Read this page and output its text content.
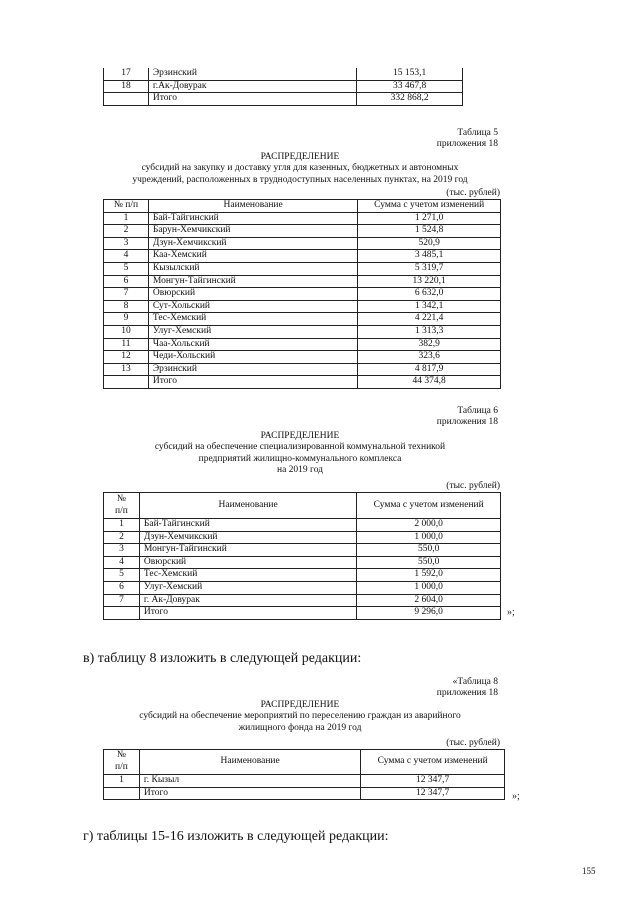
17	Эрзинский	15 153,1
18	г.Ак-Довурак	33 467,8
	Итого	332 868,2
Таблица 5
приложения 18
РАСПРЕДЕЛЕНИЕ
субсидий на закупку и доставку угля для казенных, бюджетных и автономных
учреждений, расположенных в труднодоступных населенных пунктах, на 2019 год
(тыс. рублей)
№ п/п	Наименование	Сумма с учетом изменений
1	Бай-Тайгинский	1 271,0
2	Барун-Хемчикский	1 524,8
3	Дзун-Хемчикский	520,9
4	Каа-Хемский	3 485,1
5	Кызылский	5 319,7
6	Монгун-Тайгинский	13 220,1
7	Овюрский	6 632,0
8	Сут-Хольский	1 342,1
9	Тес-Хемский	4 221,4
10	Улуг-Хемский	1 313,3
11	Чаа-Хольский	382,9
12	Чеди-Хольский	323,6
13	Эрзинский	4 817,9
	Итого	44 374,8
Таблица 6
приложения 18
РАСПРЕДЕЛЕНИЕ
субсидий на обеспечение специализированной коммунальной техникой
предприятий жилищно-коммунального комплекса
на 2019 год
(тыс. рублей)
№
п/п	Наименование	Сумма с учетом изменений
1	Бай-Тайгинский	2 000,0
2	Дзун-Хемчикский	1 000,0
3	Монгун-Тайгинский	550,0
4	Овюрский	550,0
5	Тес-Хемский	1 592,0
6	Улуг-Хемский	1 000,0
7	г. Ак-Довурак	2 604,0
	Итого	9 296,0	»;
в) таблицу 8 изложить в следующей редакции:
«Таблица 8
приложения 18
РАСПРЕДЕЛЕНИЕ
субсидий на обеспечение мероприятий по переселению граждан из аварийного
жилищного фонда на 2019 год
(тыс. рублей)
№
п/п	Наименование	Сумма с учетом изменений
1	г. Кызыл	12 347,7
	Итого	12 347,7	»;
г) таблицы 15-16 изложить в следующей редакции:
155
